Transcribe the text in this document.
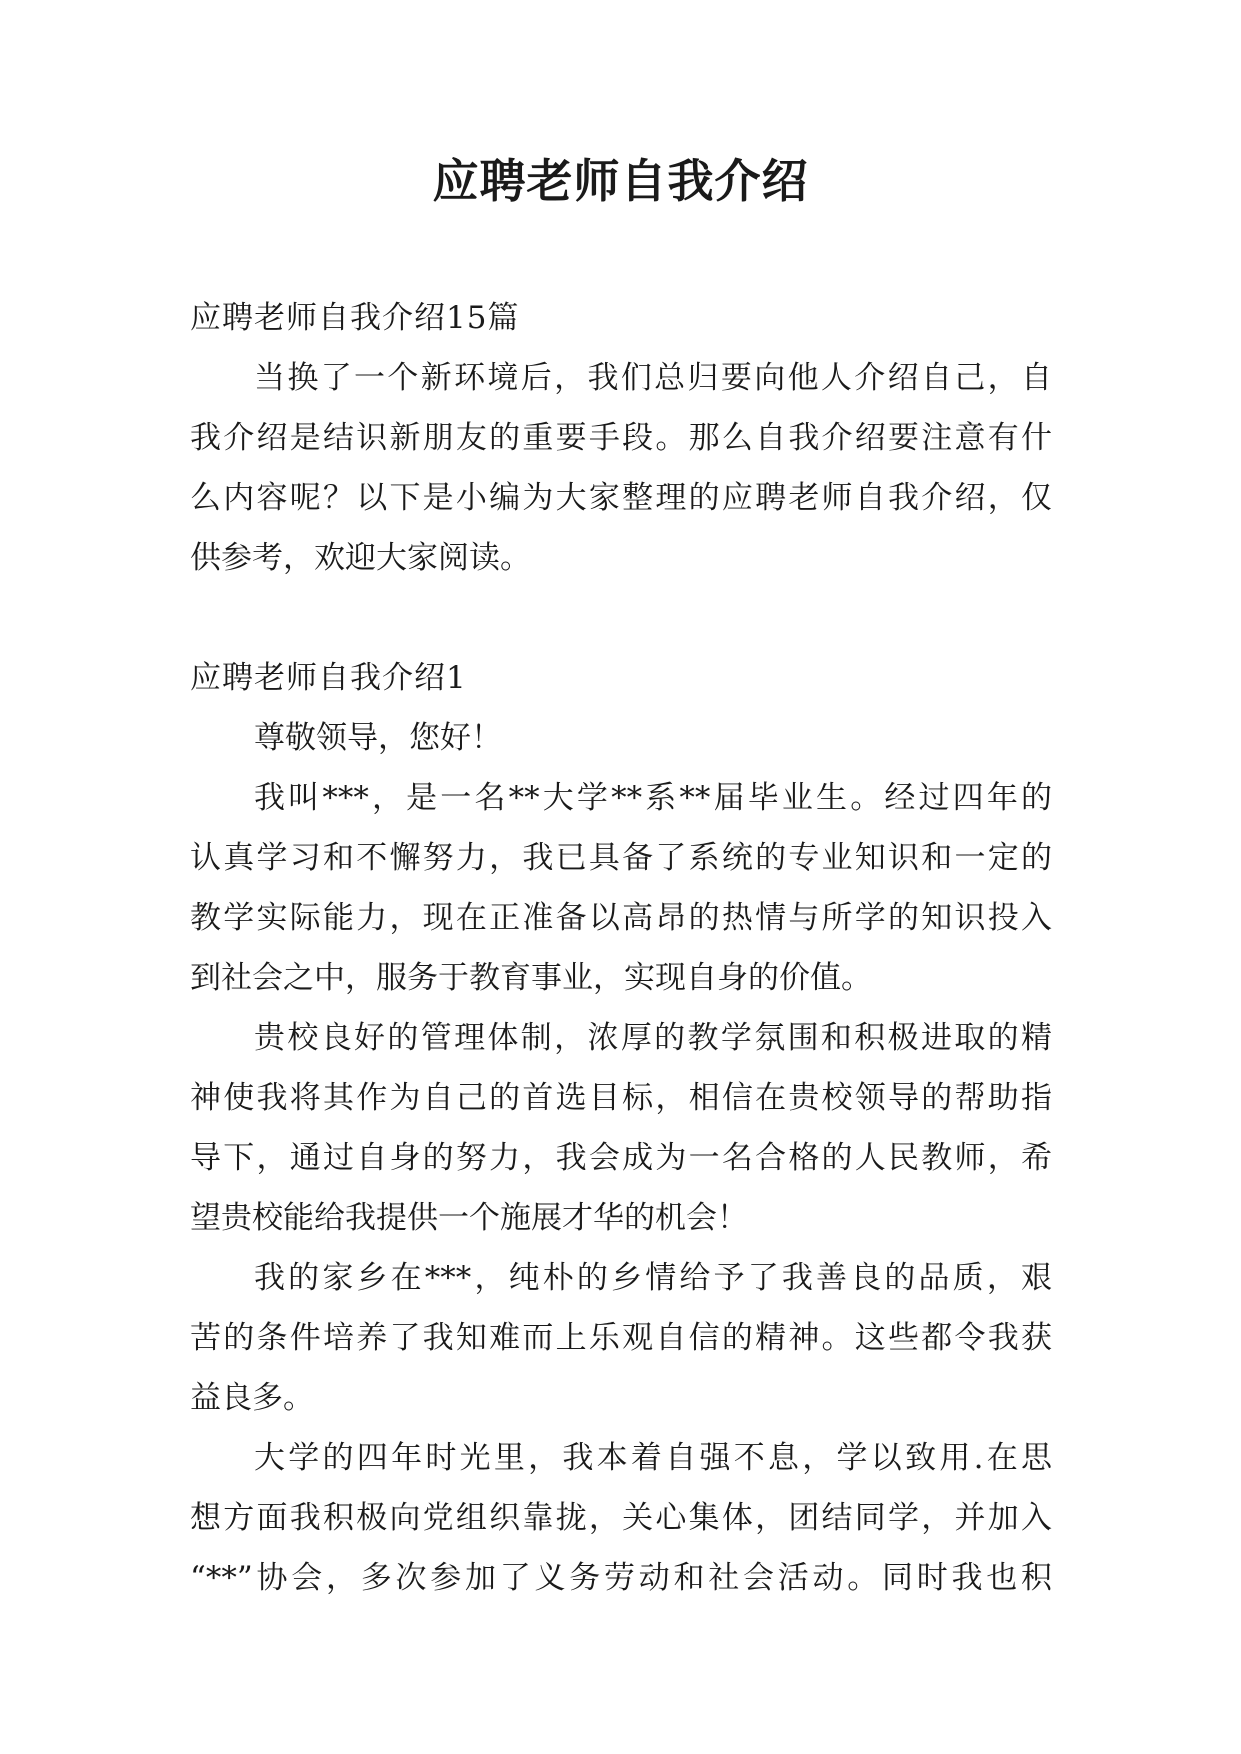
应聘老师自我介绍
应聘老师自我介绍15篇
当换了一个新环境后，我们总归要向他人介绍自己，自
我介绍是结识新朋友的重要手段。那么自我介绍要注意有什
么内容呢？以下是小编为大家整理的应聘老师自我介绍，仅
供参考，欢迎大家阅读。
应聘老师自我介绍1
尊敬领导，您好！
我叫***，是一名**大学**系**届毕业生。经过四年的
认真学习和不懈努力，我已具备了系统的专业知识和一定的
教学实际能力，现在正准备以高昂的热情与所学的知识投入
到社会之中，服务于教育事业，实现自身的价值。
贵校良好的管理体制，浓厚的教学氛围和积极进取的精
神使我将其作为自己的首选目标，相信在贵校领导的帮助指
导下，通过自身的努力，我会成为一名合格的人民教师，希
望贵校能给我提供一个施展才华的机会！
我的家乡在***，纯朴的乡情给予了我善良的品质，艰
苦的条件培养了我知难而上乐观自信的精神。这些都令我获
益良多。
大学的四年时光里，我本着自强不息，学以致用.在思
想方面我积极向党组织靠拢，关心集体，团结同学，并加入
“**”协会，多次参加了义务劳动和社会活动。同时我也积
